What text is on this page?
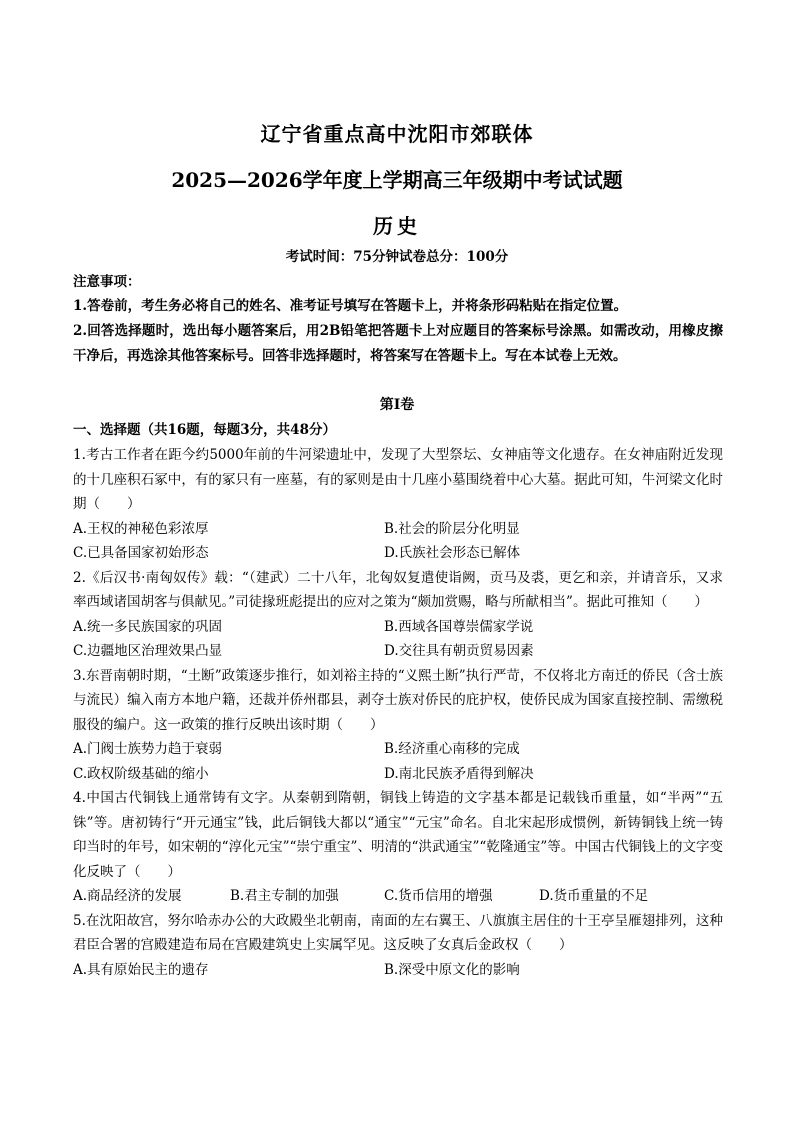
辽宁省重点高中沈阳市郊联体
2025—2026学年度上学期高三年级期中考试试题
历史
考试时间：75分钟试卷总分：100分
注意事项：

1.答卷前，考生务必将自己的姓名、准考证号填写在答题卡上，并将条形码粘贴在指定位置。

2.回答选择题时，选出每小题答案后，用2B铅笔把答题卡上对应题目的答案标号涂黑。如需改动，用橡皮擦干净后，再选涂其他答案标号。回答非选择题时，将答案写在答题卡上。写在本试卷上无效。

第Ⅰ卷
一、选择题（共16题，每题3分，共48分）

1.考古工作者在距今约5000年前的牛河梁遗址中，发现了大型祭坛、女神庙等文化遗存。在女神庙附近发现的十几座积石冢中，有的冢只有一座墓，有的冢则是由十几座小墓围绕着中心大墓。据此可知，牛河梁文化时期（　　）

A.王权的神秘色彩浓厚	B.社会的阶层分化明显
C.已具备国家初始形态	D.氏族社会形态已解体

2.《后汉书·南匈奴传》载：“（建武）二十八年，北匈奴复遣使诣阙，贡马及裘，更乞和亲，并请音乐，又求率西域诸国胡客与俱献见。”司徒掾班彪提出的应对之策为“颇加赏赐，略与所献相当”。据此可推知（　　）

A.统一多民族国家的巩固	B.西域各国尊崇儒家学说
C.边疆地区治理效果凸显	D.交往具有朝贡贸易因素

3.东晋南朝时期，“土断”政策逐步推行，如刘裕主持的“义熙土断”执行严苛，不仅将北方南迁的侨民（含士族与流民）编入南方本地户籍，还裁并侨州郡县，剥夺士族对侨民的庇护权，使侨民成为国家直接控制、需缴税服役的编户。这一政策的推行反映出该时期（　　）

A.门阀士族势力趋于衰弱	B.经济重心南移的完成
C.政权阶级基础的缩小	D.南北民族矛盾得到解决

4.中国古代铜钱上通常铸有文字。从秦朝到隋朝，铜钱上铸造的文字基本都是记载钱币重量，如“半两”“五铢”等。唐初铸行“开元通宝”钱，此后铜钱大都以“通宝”“元宝”命名。自北宋起形成惯例，新铸铜钱上统一铸印当时的年号，如宋朝的“淳化元宝”“崇宁重宝”、明清的“洪武通宝”“乾隆通宝”等。中国古代铜钱上的文字变化反映了（　　）

A.商品经济的发展	B.君主专制的加强	C.货币信用的增强	D.货币重量的不足

5.在沈阳故宫，努尔哈赤办公的大政殿坐北朝南，南面的左右翼王、八旗旗主居住的十王亭呈雁翅排列，这种君臣合署的宫殿建造布局在宫殿建筑史上实属罕见。这反映了女真后金政权（　　）

A.具有原始民主的遗存	B.深受中原文化的影响
